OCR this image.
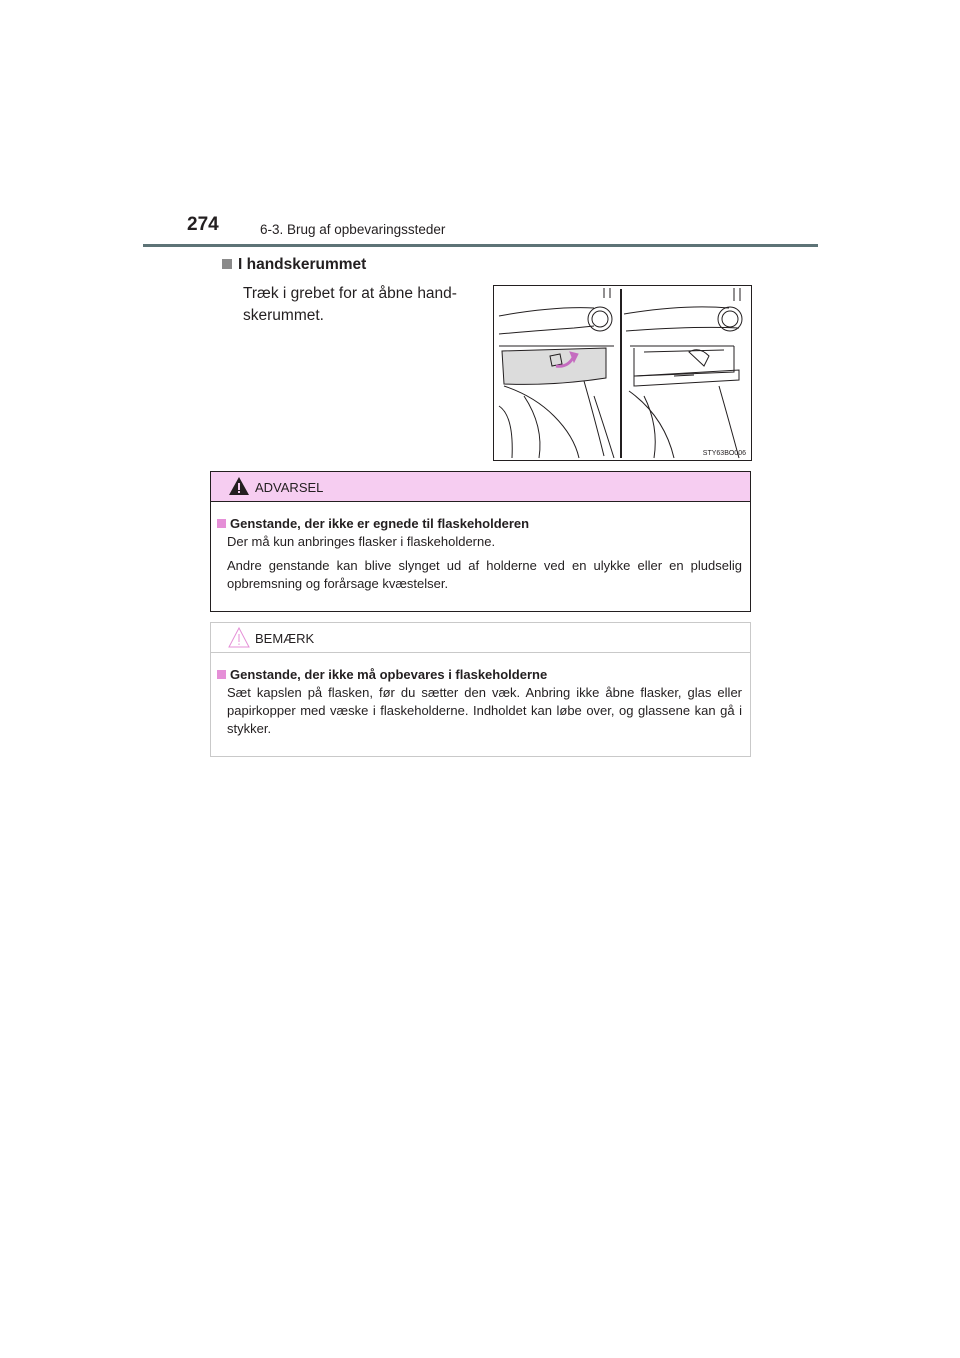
274	6-3. Brug af opbevaringssteder
I handskerummet
Træk i grebet for at åbne hand-
skerummet.
STY63BO006
ADVARSEL
Genstande, der ikke er egnede til flaskeholderen
Der må kun anbringes flasker i flaskeholderne.
Andre genstande kan blive slynget ud af holderne ved en ulykke eller en pludselig opbremsning og forårsage kvæstelser.
BEMÆRK
Genstande, der ikke må opbevares i flaskeholderne
Sæt kapslen på flasken, før du sætter den væk. Anbring ikke åbne flasker, glas eller papirkopper med væske i flaskeholderne. Indholdet kan løbe over, og glassene kan gå i stykker.
